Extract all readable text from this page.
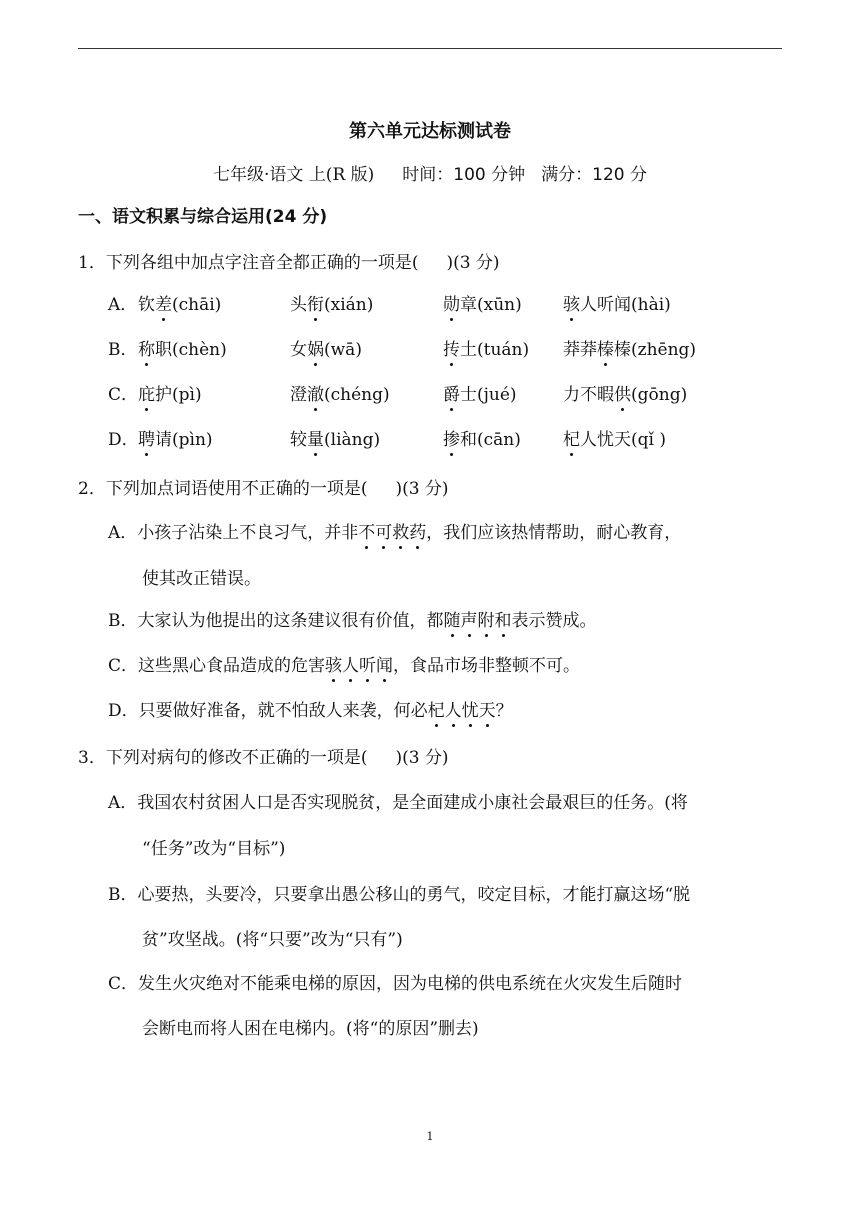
第六单元达标测试卷
七年级·语文 上(R 版) 时间：100 分钟 满分：120 分
一、语文积累与综合运用(24 分)
1．下列各组中加点字注音全都正确的一项是( )(3 分)
A． 钦差(chāi)	头衔(xián)	勋章(xūn) 骇人听闻(hài)
B． 称职(chèn)	女娲(wā)	抟土(tuán) 莽莽榛榛(zhēng)
C． 庇护(pì)	澄澈(chéng)	爵士(jué)	力不暇供(gōng)
D． 聘请(pìn)	较量(liàng)	掺和(cān) 杞人忧天(qǐ )
2．下列加点词语使用不正确的一项是( )(3 分)
A．小孩子沾染上不良习气，并非不可救药，我们应该热情帮助，耐心教育，
使其改正错误。
B．大家认为他提出的这条建议很有价值，都随声附和表示赞成。
C．这些黑心食品造成的危害骇人听闻，食品市场非整顿不可。
D．只要做好准备，就不怕敌人来袭，何必杞人忧天？
3．下列对病句的修改不正确的一项是( )(3 分)
A．我国农村贫困人口是否实现脱贫，是全面建成小康社会最艰巨的任务。(将
“任务”改为“目标”)
B．心要热，头要冷，只要拿出愚公移山的勇气，咬定目标，才能打赢这场“脱
贫”攻坚战。(将“只要”改为“只有”)
C．发生火灾绝对不能乘电梯的原因，因为电梯的供电系统在火灾发生后随时
会断电而将人困在电梯内。(将“的原因”删去)
1
